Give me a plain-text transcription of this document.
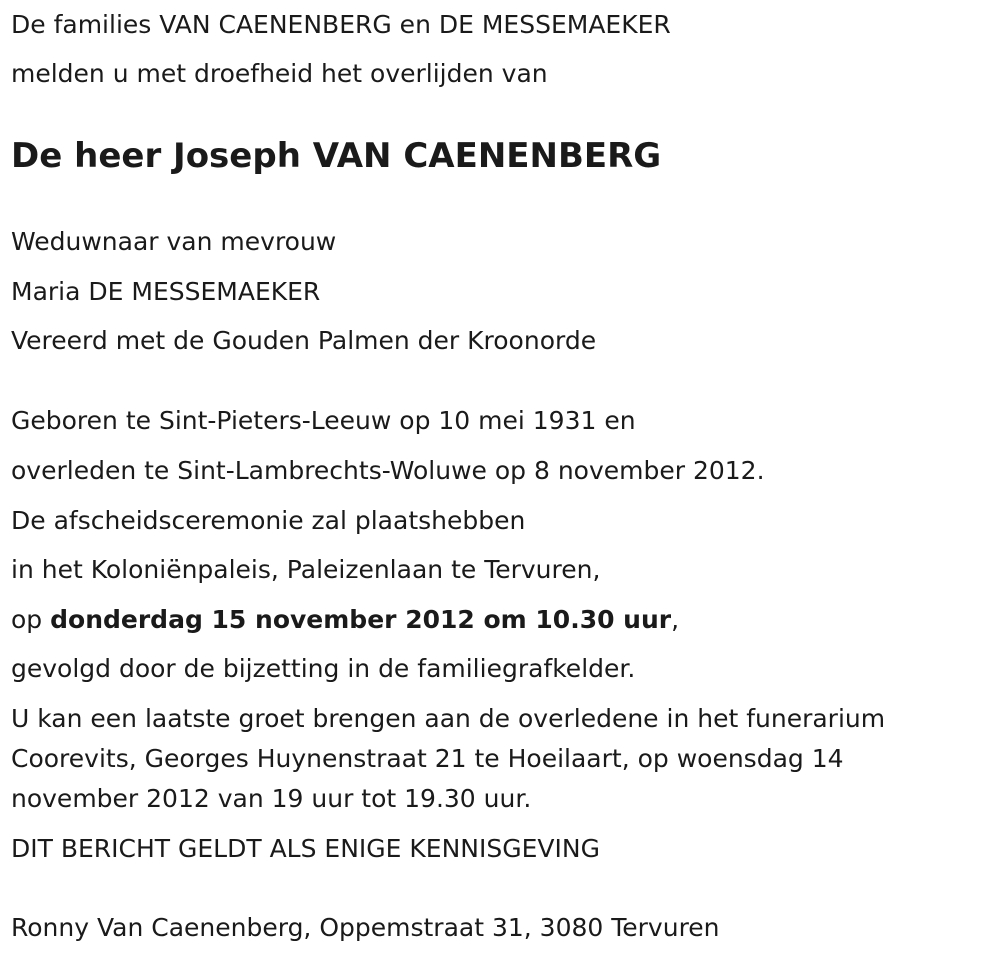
De families VAN CAENENBERG en DE MESSEMAEKER

melden u met droefheid het overlijden van

De heer Joseph VAN CAENENBERG

Weduwnaar van mevrouw

Maria DE MESSEMAEKER

Vereerd met de Gouden Palmen der Kroonorde

Geboren te Sint-Pieters-Leeuw op 10 mei 1931 en

overleden te Sint-Lambrechts-Woluwe op 8 november 2012.

De afscheidsceremonie zal plaatshebben

in het Koloniënpaleis, Paleizenlaan te Tervuren,

op donderdag 15 november 2012 om 10.30 uur,

gevolgd door de bijzetting in de familiegrafkelder.

U kan een laatste groet brengen aan de overledene in het funerarium

Coorevits, Georges Huynenstraat 21 te Hoeilaart, op woensdag 14

november 2012 van 19 uur tot 19.30 uur.

DIT BERICHT GELDT ALS ENIGE KENNISGEVING

Ronny Van Caenenberg, Oppemstraat 31, 3080 Tervuren
